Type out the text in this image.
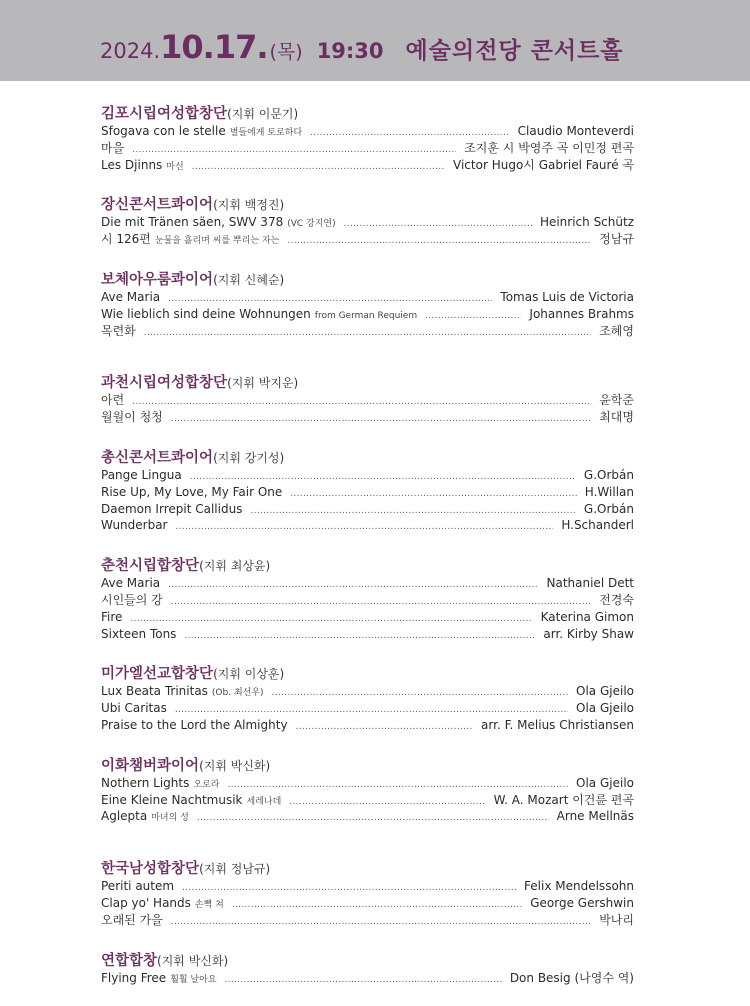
2024. 10.17. (목) 19:30 예술의전당 콘서트홀
김포시립여성합창단(지휘 이문기)
Sfogava con le stelle 별들에게 토로하다 .....	Claudio Monteverdi
마을 .....	조지훈 시 박영주 곡 이민정 편곡
Les Djinns 마신 .....	Victor Hugo시 Gabriel Fauré 곡
장신콘서트콰이어(지휘 백정진)
Die mit Tränen säen, SWV 378 (VC 강지연) .....	Heinrich Schütz
시 126편 눈물을 흘리며 씨를 뿌리는 자는 .....	정남규
보체아우룸콰이어(지휘 신혜순)
Ave Maria .....	Tomas Luis de Victoria
Wie lieblich sind deine Wohnungen from German Requiem .....	Johannes Brahms
목련화 .....	조혜영
과천시립여성합창단(지휘 박지운)
아련 .....	윤학준
월월이 청청 .....	최대명
총신콘서트콰이어(지휘 강기성)
Pange Lingua .....	G.Orbán
Rise Up, My Love, My Fair One .....	H.Willan
Daemon Irrepit Callidus .....	G.Orbán
Wunderbar .....	H.Schanderl
춘천시립합창단(지휘 최상윤)
Ave Maria .....	Nathaniel Dett
시인들의 강 .....	전경숙
Fire .....	Katerina Gimon
Sixteen Tons .....	arr. Kirby Shaw
미가엘선교합창단(지휘 이상훈)
Lux Beata Trinitas (Ob. 최선우) .....	Ola Gjeilo
Ubi Caritas .....	Ola Gjeilo
Praise to the Lord the Almighty .....	arr. F. Melius Christiansen
이화챔버콰이어(지휘 박신화)
Nothern Lights 오로라 .....	Ola Gjeilo
Eine Kleine Nachtmusik 세레나데 .....	W. A. Mozart 이건륜 편곡
Aglepta 마녀의 성 .....	Arne Mellnäs
한국남성합창단(지휘 정남규)
Periti autem .....	Felix Mendelssohn
Clap yo' Hands 손뼉 쳐 .....	George Gershwin
오래된 가을 .....	박나리
연합합창(지휘 박신화)
Flying Free 훨훨 날아요 .....	Don Besig (나영수 역)
